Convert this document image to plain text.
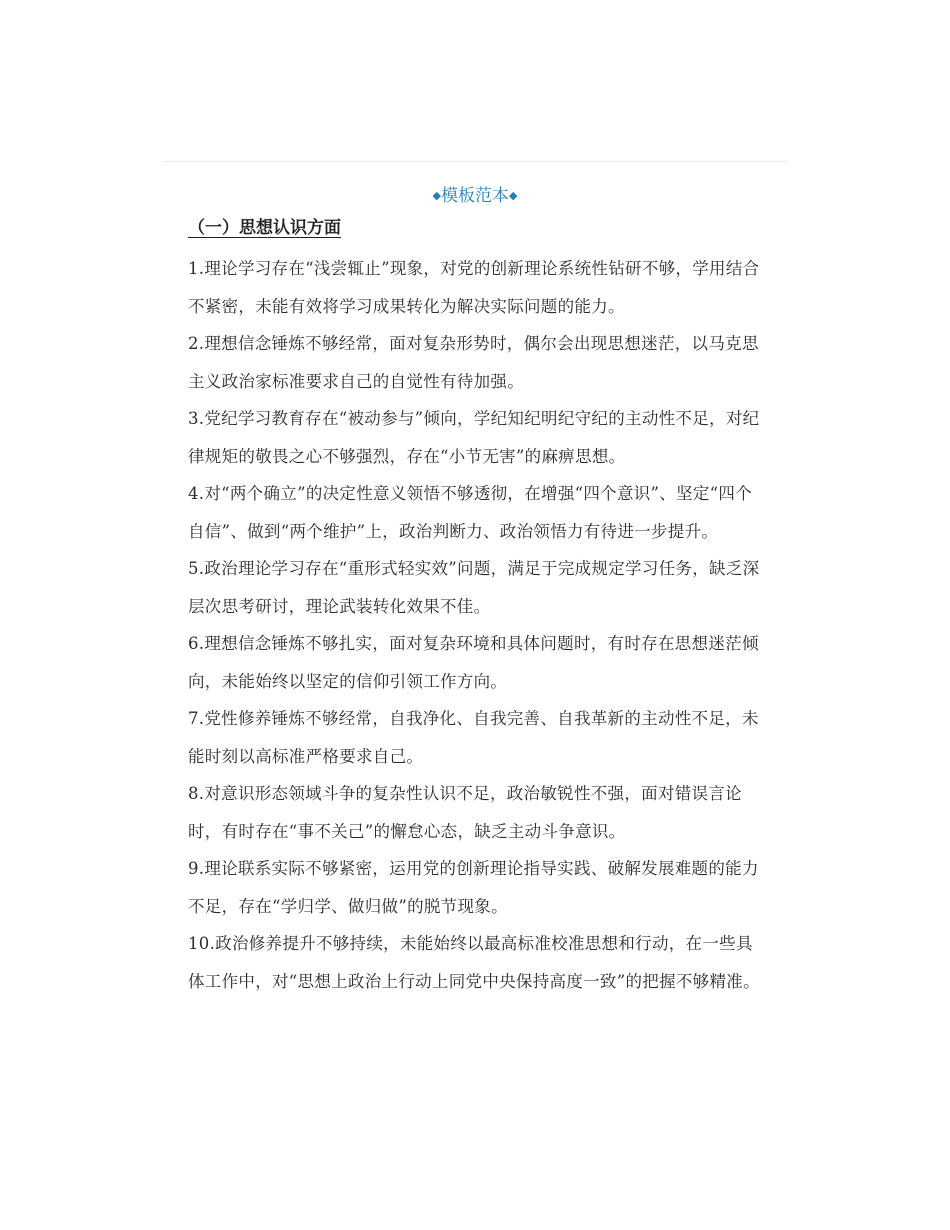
◆模板范本◆

（一）思想认识方面

1.理论学习存在“浅尝辄止”现象，对党的创新理论系统性钻研不够，学用结合不紧密，未能有效将学习成果转化为解决实际问题的能力。

2.理想信念锤炼不够经常，面对复杂形势时，偶尔会出现思想迷茫，以马克思主义政治家标准要求自己的自觉性有待加强。

3.党纪学习教育存在“被动参与”倾向，学纪知纪明纪守纪的主动性不足，对纪律规矩的敬畏之心不够强烈，存在“小节无害”的麻痹思想。

4.对“两个确立”的决定性意义领悟不够透彻，在增强“四个意识”、坚定“四个自信”、做到“两个维护”上，政治判断力、政治领悟力有待进一步提升。

5.政治理论学习存在“重形式轻实效”问题，满足于完成规定学习任务，缺乏深层次思考研讨，理论武装转化效果不佳。

6.理想信念锤炼不够扎实，面对复杂环境和具体问题时，有时存在思想迷茫倾向，未能始终以坚定的信仰引领工作方向。

7.党性修养锤炼不够经常，自我净化、自我完善、自我革新的主动性不足，未能时刻以高标准严格要求自己。

8.对意识形态领域斗争的复杂性认识不足，政治敏锐性不强，面对错误言论时，有时存在“事不关己”的懈怠心态，缺乏主动斗争意识。

9.理论联系实际不够紧密，运用党的创新理论指导实践、破解发展难题的能力不足，存在“学归学、做归做”的脱节现象。

10.政治修养提升不够持续，未能始终以最高标准校准思想和行动，在一些具体工作中，对“思想上政治上行动上同党中央保持高度一致”的把握不够精准。
